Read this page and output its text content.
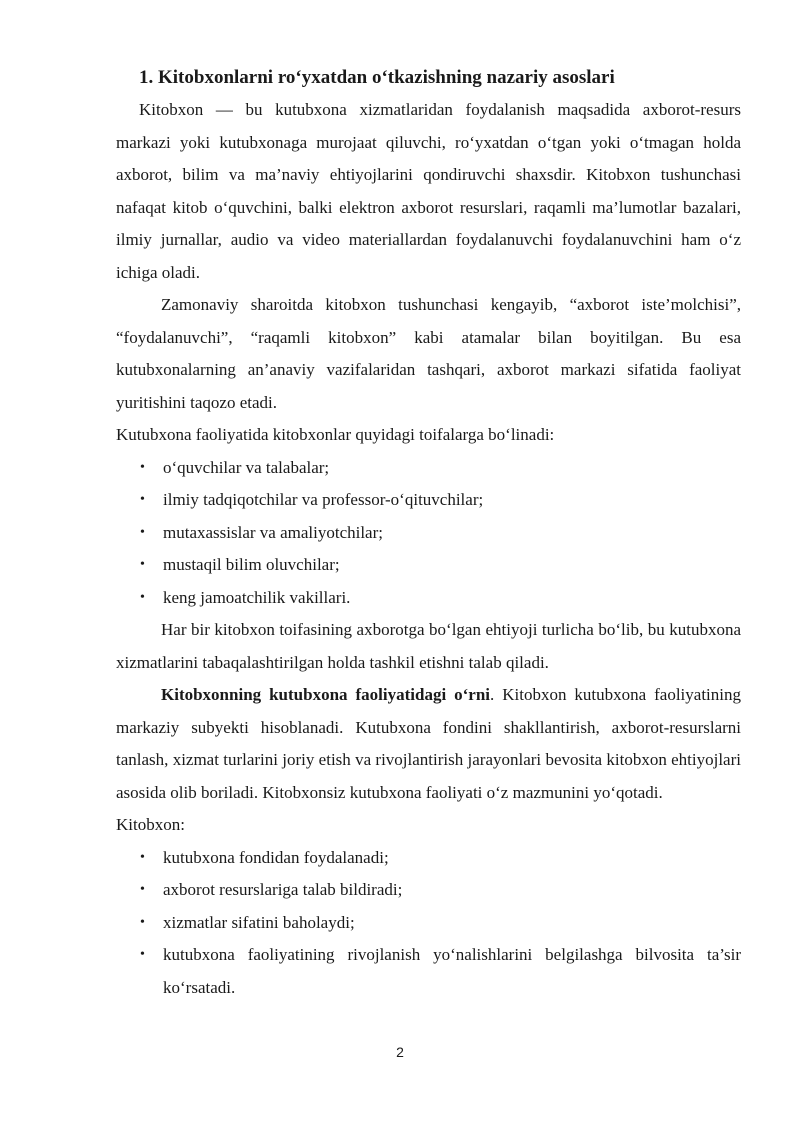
1. Kitobxonlarni ro‘yxatdan o‘tkazishning nazariy asoslari

Kitobxon — bu kutubxona xizmatlaridan foydalanish maqsadida axborot-resurs markazi yoki kutubxonaga murojaat qiluvchi, ro‘yxatdan o‘tgan yoki o‘tmagan holda axborot, bilim va ma’naviy ehtiyojlarini qondiruvchi shaxsdir. Kitobxon tushunchasi nafaqat kitob o‘quvchini, balki elektron axborot resurslari, raqamli ma’lumotlar bazalari, ilmiy jurnallar, audio va video materiallardan foydalanuvchi foydalanuvchini ham o‘z ichiga oladi.

Zamonaviy sharoitda kitobxon tushunchasi kengayib, “axborot iste’molchisi”, “foydalanuvchi”, “raqamli kitobxon” kabi atamalar bilan boyitilgan. Bu esa kutubxonalarning an’anaviy vazifalaridan tashqari, axborot markazi sifatida faoliyat yuritishini taqozo etadi.

Kutubxona faoliyatida kitobxonlar quyidagi toifalarga bo‘linadi:

• o‘quvchilar va talabalar;
• ilmiy tadqiqotchilar va professor-o‘qituvchilar;
• mutaxassislar va amaliyotchilar;
• mustaqil bilim oluvchilar;
• keng jamoatchilik vakillari.

Har bir kitobxon toifasining axborotga bo‘lgan ehtiyoji turlicha bo‘lib, bu kutubxona xizmatlarini tabaqalashtirilgan holda tashkil etishni talab qiladi.

Kitobxonning kutubxona faoliyatidagi o‘rni. Kitobxon kutubxona faoliyatining markaziy subyekti hisoblanadi. Kutubxona fondini shakllantirish, axborot-resurslarni tanlash, xizmat turlarini joriy etish va rivojlantirish jarayonlari bevosita kitobxon ehtiyojlari asosida olib boriladi. Kitobxonsiz kutubxona faoliyati o‘z mazmunini yo‘qotadi.

Kitobxon:

• kutubxona fondidan foydalanadi;
• axborot resurslariga talab bildiradi;
• xizmatlar sifatini baholaydi;
• kutubxona faoliyatining rivojlanish yo‘nalishlarini belgilashga bilvosita ta’sir ko‘rsatadi.
2
